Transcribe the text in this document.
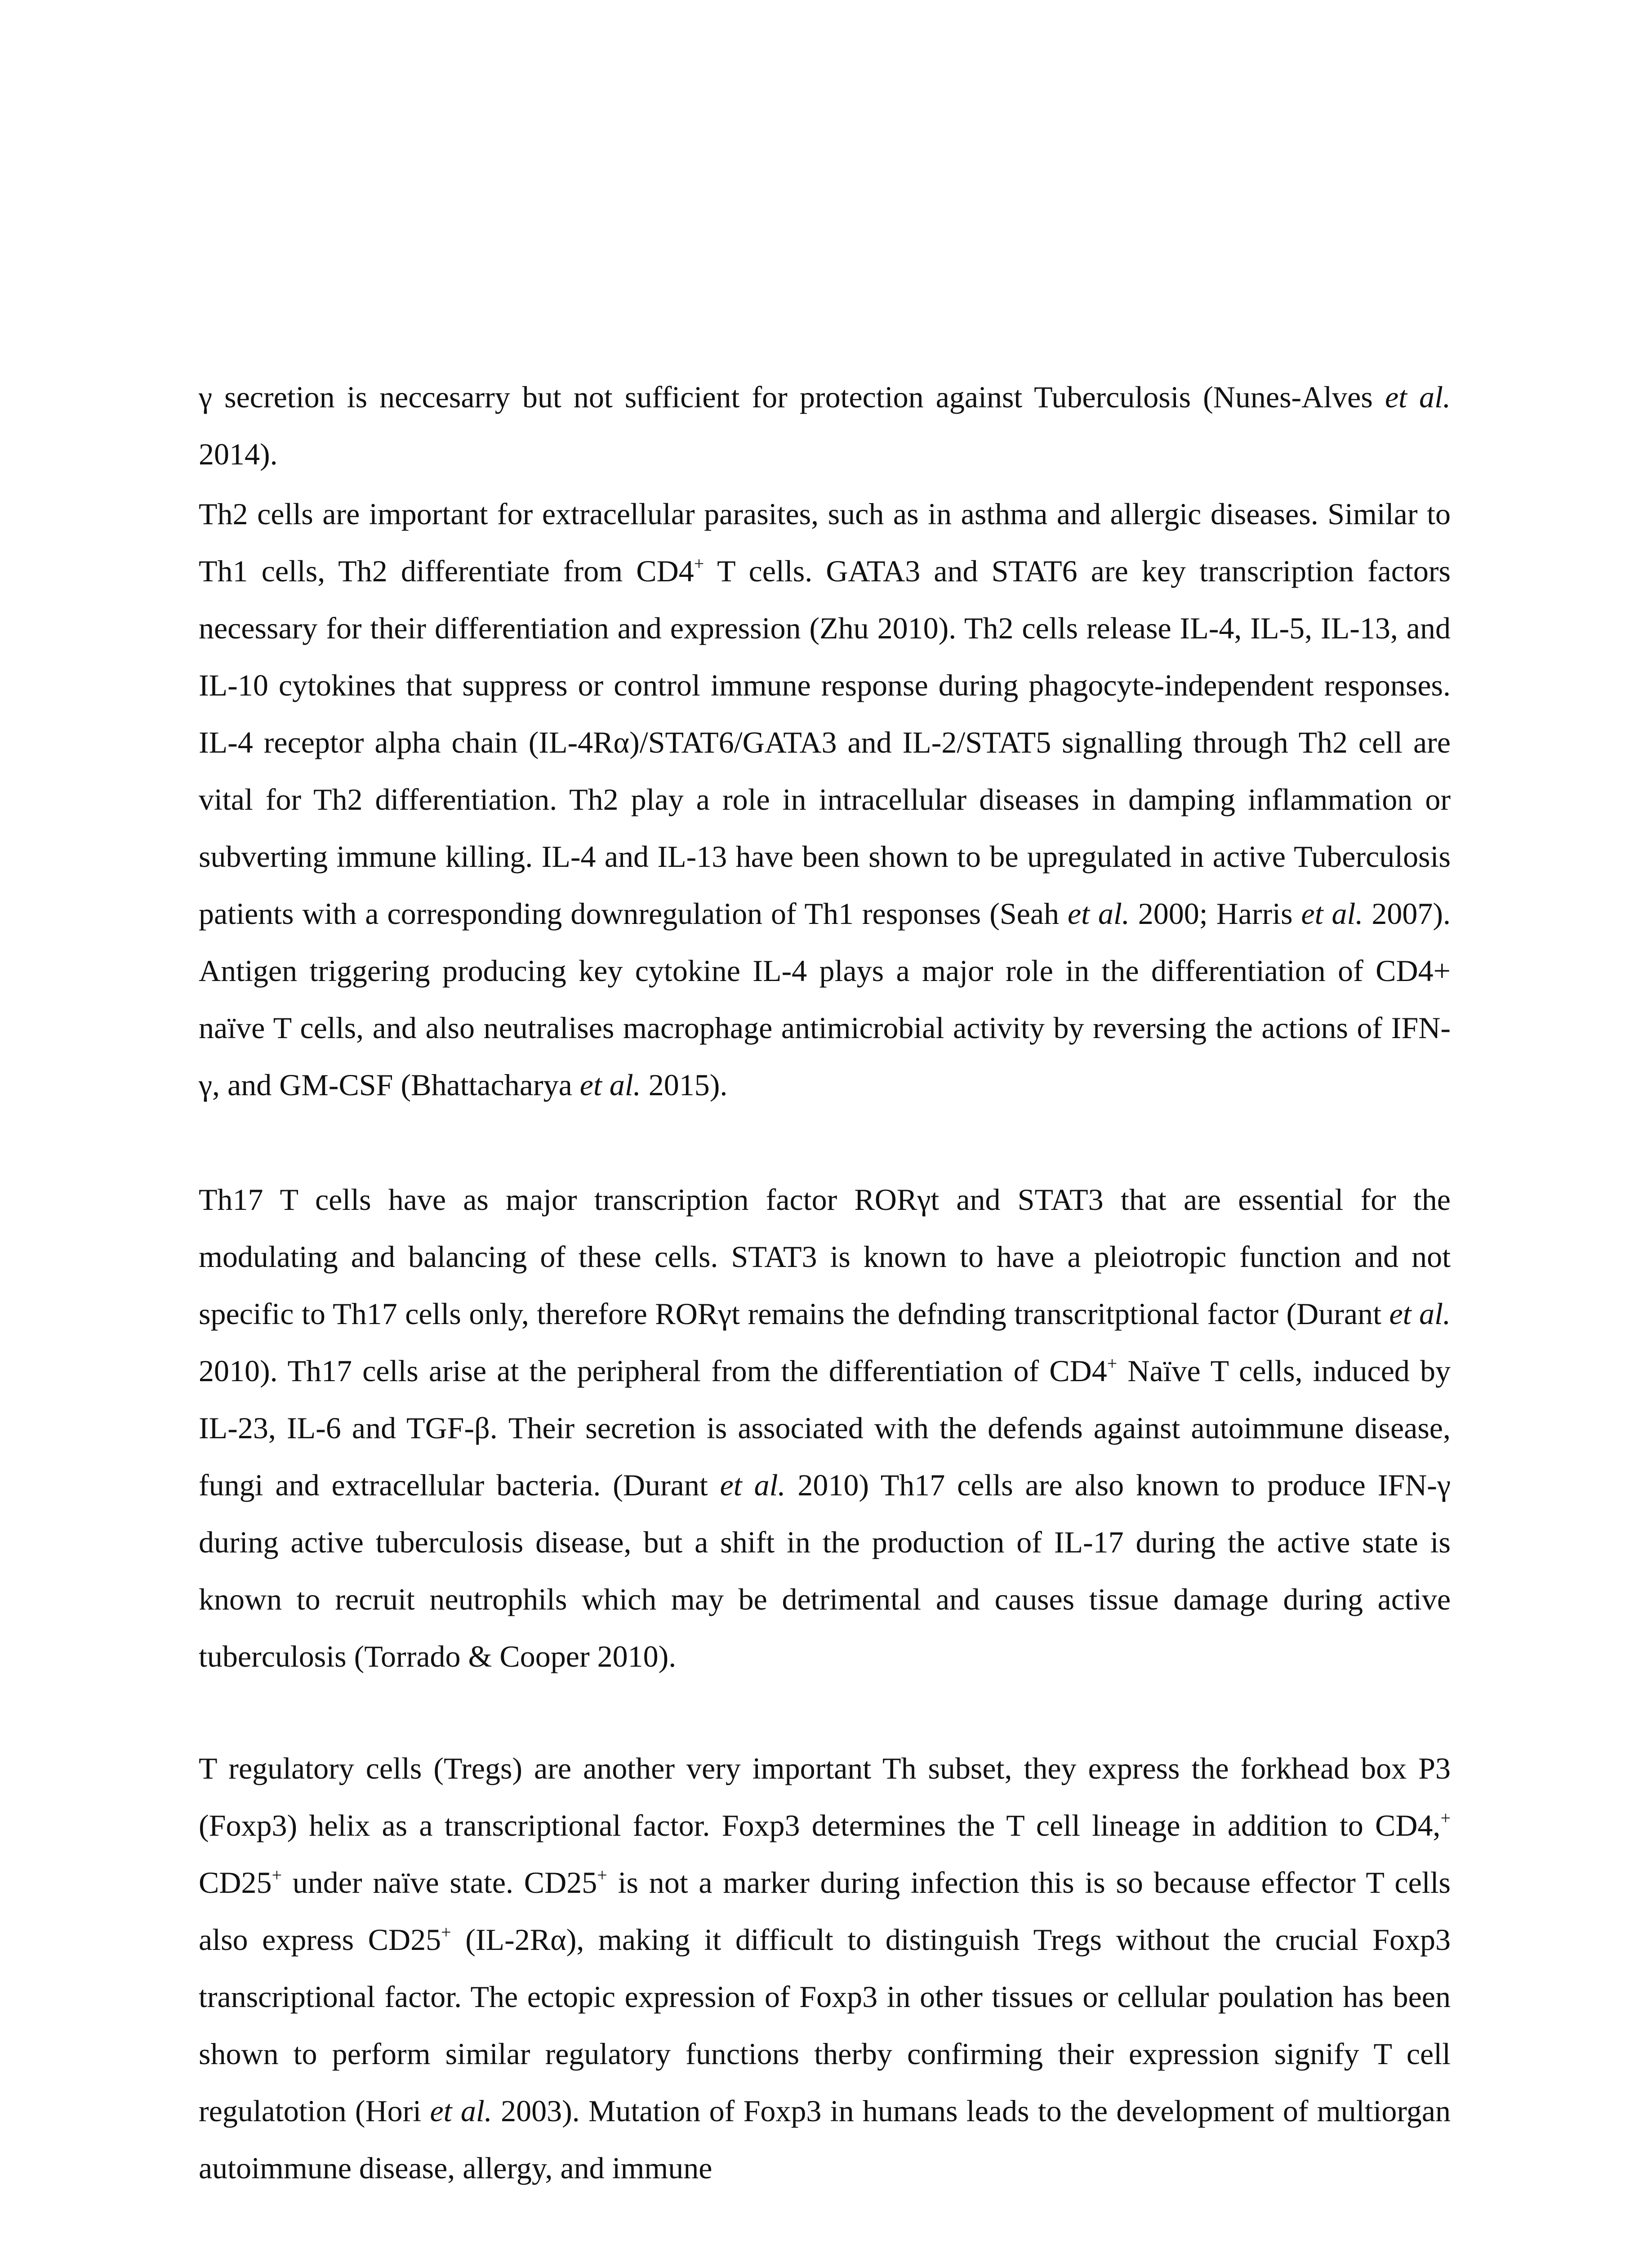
γ secretion is neccesarry but not sufficient for protection against Tuberculosis (Nunes-Alves et al. 2014).

Th2 cells are important for extracellular parasites, such as in asthma and allergic diseases. Similar to Th1 cells, Th2 differentiate from CD4+ T cells. GATA3 and STAT6 are key transcription factors necessary for their differentiation and expression (Zhu 2010). Th2 cells release IL-4, IL-5, IL-13, and IL-10 cytokines that suppress or control immune response during phagocyte-independent responses. IL-4 receptor alpha chain (IL-4Rα)/STAT6/GATA3 and IL-2/STAT5 signalling through Th2 cell are vital for Th2 differentiation. Th2 play a role in intracellular diseases in damping inflammation or subverting immune killing. IL-4 and IL-13 have been shown to be upregulated in active Tuberculosis patients with a corresponding downregulation of Th1 responses (Seah et al. 2000; Harris et al. 2007). Antigen triggering producing key cytokine IL-4 plays a major role in the differentiation of CD4+ naïve T cells, and also neutralises macrophage antimicrobial activity by reversing the actions of IFN-γ, and GM-CSF (Bhattacharya et al. 2015).

Th17 T cells have as major transcription factor RORγt and STAT3 that are essential for the modulating and balancing of these cells. STAT3 is known to have a pleiotropic function and not specific to Th17 cells only, therefore RORγt remains the defnding transcritptional factor (Durant et al. 2010). Th17 cells arise at the peripheral from the differentiation of CD4+ Naïve T cells, induced by IL-23, IL-6 and TGF-β. Their secretion is associated with the defends against autoimmune disease, fungi and extracellular bacteria. (Durant et al. 2010) Th17 cells are also known to produce IFN-γ during active tuberculosis disease, but a shift in the production of IL-17 during the active state is known to recruit neutrophils which may be detrimental and causes tissue damage during active tuberculosis (Torrado & Cooper 2010).

T regulatory cells (Tregs) are another very important Th subset, they express the forkhead box P3 (Foxp3) helix as a transcriptional factor. Foxp3 determines the T cell lineage in addition to CD4,+ CD25+ under naïve state. CD25+ is not a marker during infection this is so because effector T cells also express CD25+ (IL-2Rα), making it difficult to distinguish Tregs without the crucial Foxp3 transcriptional factor. The ectopic expression of Foxp3 in other tissues or cellular poulation has been shown to perform similar regulatory functions therby confirming their expression signify T cell regulatotion (Hori et al. 2003). Mutation of Foxp3 in humans leads to the development of multiorgan autoimmune disease, allergy, and immune
